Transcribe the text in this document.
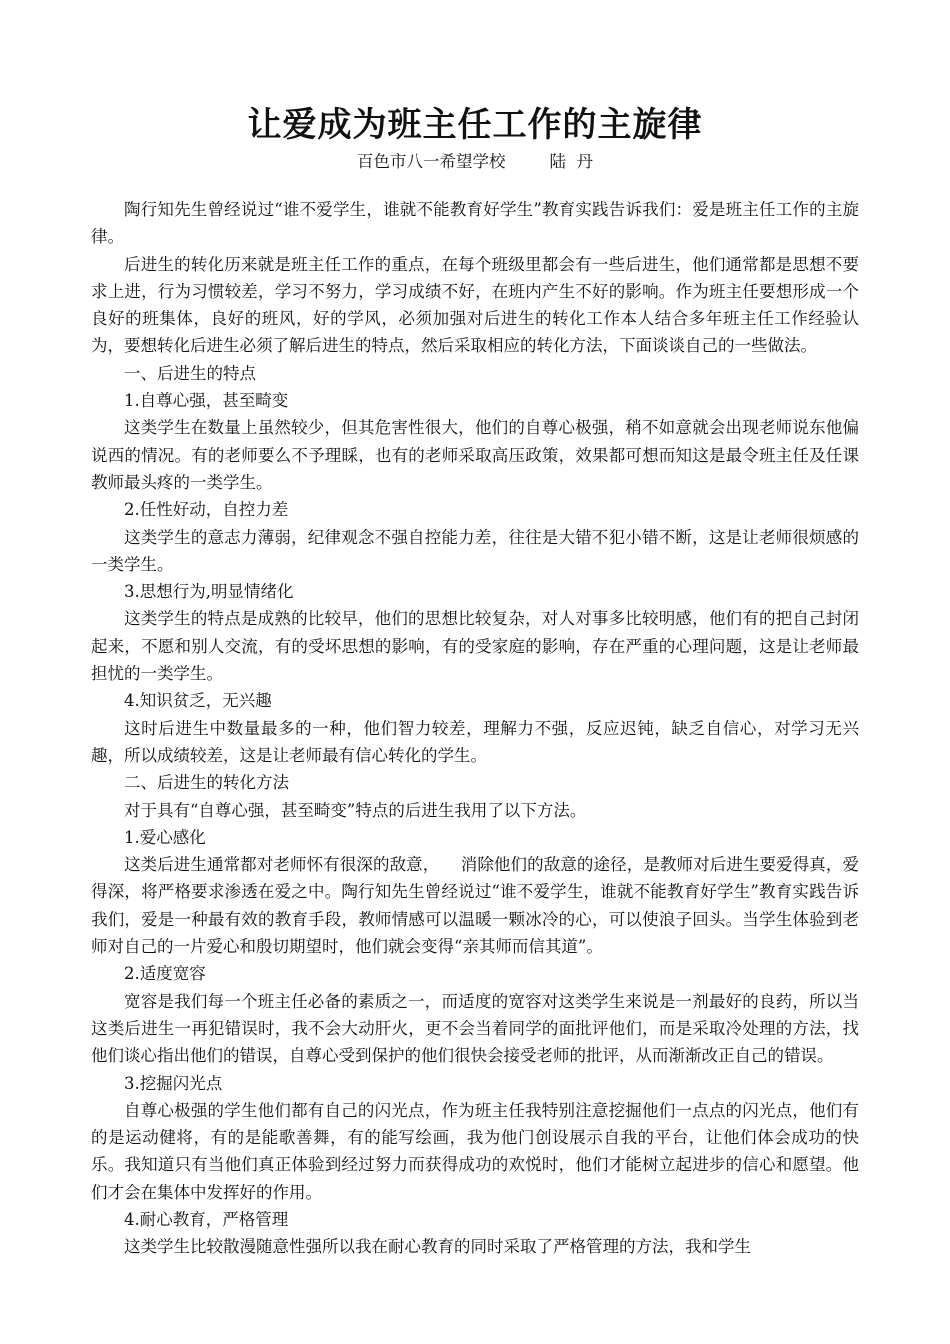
让爱成为班主任工作的主旋律

百色市八一希望学校	陆  丹

陶行知先生曾经说过“谁不爱学生，谁就不能教育好学生”教育实践告诉我们：爱是班主任工作的主旋律。

后进生的转化历来就是班主任工作的重点，在每个班级里都会有一些后进生，他们通常都是思想不要求上进，行为习惯较差，学习不努力，学习成绩不好，在班内产生不好的影响。作为班主任要想形成一个良好的班集体，良好的班风，好的学风，必须加强对后进生的转化工作本人结合多年班主任工作经验认为，要想转化后进生必须了解后进生的特点，然后采取相应的转化方法，下面谈谈自己的一些做法。

一、后进生的特点

1.自尊心强，甚至畸变

这类学生在数量上虽然较少，但其危害性很大，他们的自尊心极强，稍不如意就会出现老师说东他偏说西的情况。有的老师要么不予理睬，也有的老师采取高压政策，效果都可想而知这是最令班主任及任课教师最头疼的一类学生。

2.任性好动，自控力差

这类学生的意志力薄弱，纪律观念不强自控能力差，往往是大错不犯小错不断，这是让老师很烦感的一类学生。

3.思想行为,明显情绪化

这类学生的特点是成熟的比较早，他们的思想比较复杂，对人对事多比较明感，他们有的把自己封闭起来，不愿和别人交流，有的受坏思想的影响，有的受家庭的影响，存在严重的心理问题，这是让老师最担忧的一类学生。

4.知识贫乏，无兴趣

这时后进生中数量最多的一种，他们智力较差，理解力不强，反应迟钝，缺乏自信心，对学习无兴趣，所以成绩较差，这是让老师最有信心转化的学生。

二、后进生的转化方法

对于具有“自尊心强，甚至畸变”特点的后进生我用了以下方法。

1.爱心感化

这类后进生通常都对老师怀有很深的敌意，    消除他们的敌意的途径，是教师对后进生要爱得真，爱得深，将严格要求渗透在爱之中。陶行知先生曾经说过“谁不爱学生，谁就不能教育好学生”教育实践告诉我们，爱是一种最有效的教育手段，教师情感可以温暖一颗冰冷的心，可以使浪子回头。当学生体验到老师对自己的一片爱心和殷切期望时，他们就会变得“亲其师而信其道”。

2.适度宽容

宽容是我们每一个班主任必备的素质之一，而适度的宽容对这类学生来说是一剂最好的良药，所以当这类后进生一再犯错误时，我不会大动肝火，更不会当着同学的面批评他们，而是采取冷处理的方法，找他们谈心指出他们的错误，自尊心受到保护的他们很快会接受老师的批评，从而渐渐改正自己的错误。

3.挖掘闪光点

自尊心极强的学生他们都有自己的闪光点，作为班主任我特别注意挖掘他们一点点的闪光点，他们有的是运动健将，有的是能歌善舞，有的能写绘画，我为他门创设展示自我的平台，让他们体会成功的快乐。我知道只有当他们真正体验到经过努力而获得成功的欢悦时，他们才能树立起进步的信心和愿望。他们才会在集体中发挥好的作用。

4.耐心教育，严格管理

这类学生比较散漫随意性强所以我在耐心教育的同时采取了严格管理的方法，我和学生
